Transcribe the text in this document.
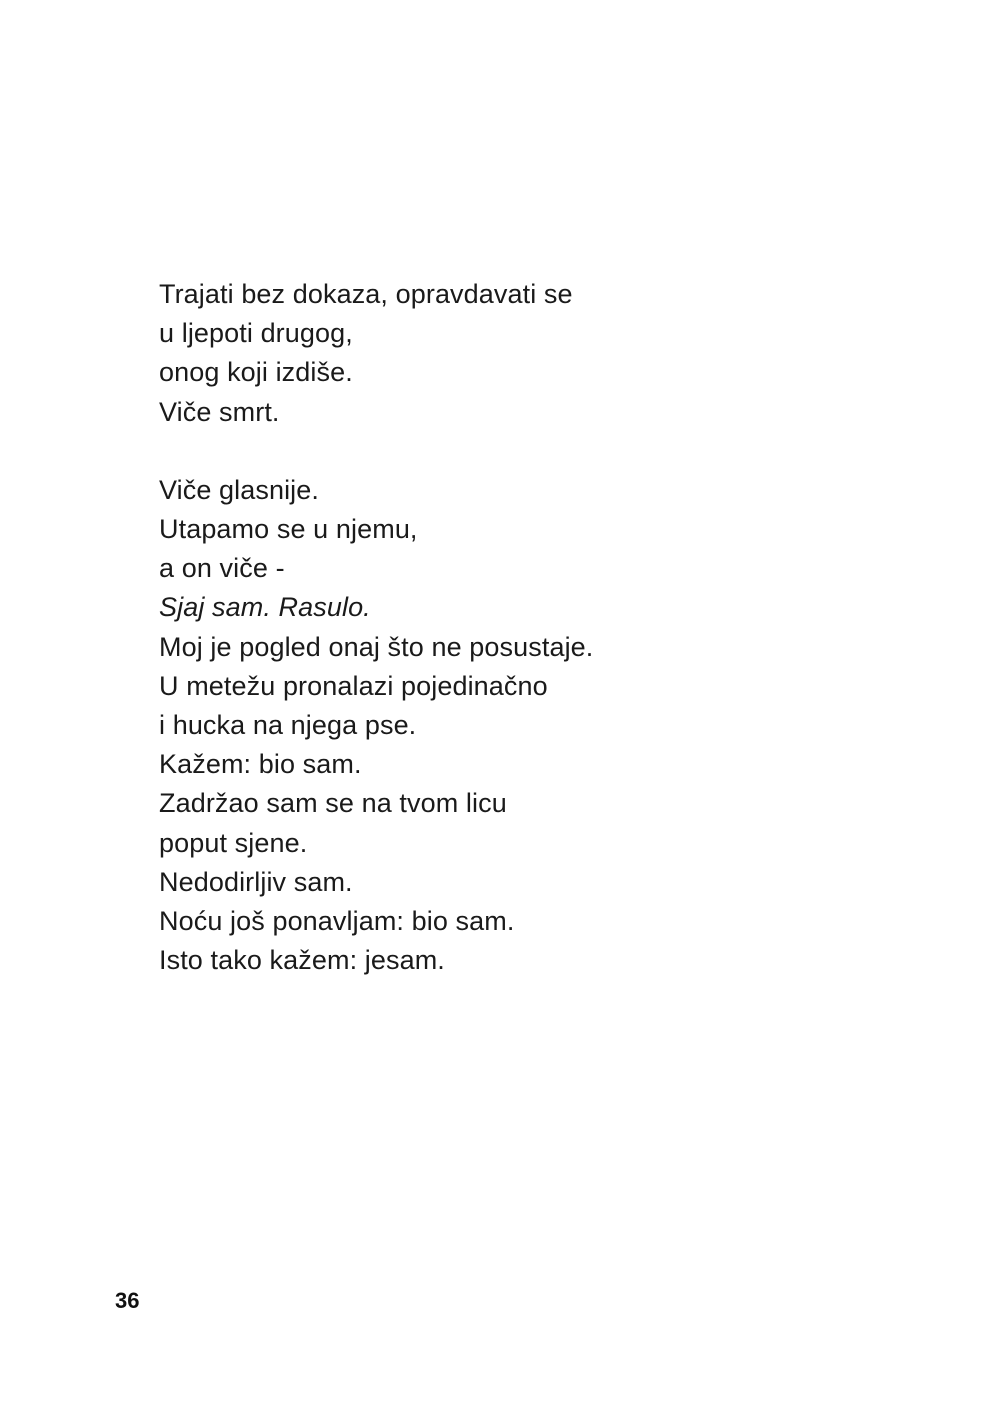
Trajati bez dokaza, opravdavati se
u ljepoti drugog,
onog koji izdiše.
Viče smrt.
Viče glasnije.
Utapamo se u njemu,
a on viče -
Sjaj sam. Rasulo.
Moj je pogled onaj što ne posustaje.
U metežu pronalazi pojedinačno
i hucka na njega pse.
Kažem: bio sam.
Zadržao sam se na tvom licu
poput sjene.
Nedodirljiv sam.
Noću još ponavljam: bio sam.
Isto tako kažem: jesam.
36
